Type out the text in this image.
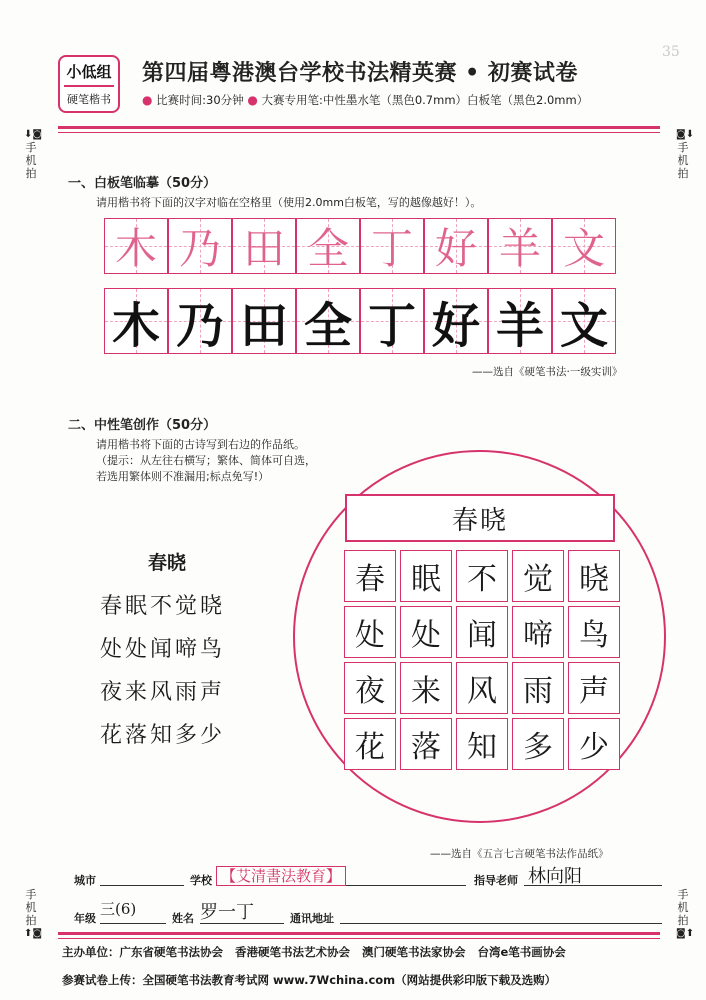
小低组
硬笔楷书
第四届粤港澳台学校书法精英赛 • 初赛试卷
● 比赛时间:30分钟 ● 大赛专用笔:中性墨水笔（黑色0.7mm）白板笔（黑色2.0mm）
35
⬇◙
手机拍
◙⬇
手机拍
手机拍
⬆◙
手机拍
◙⬆
一、白板笔临摹（50分）
请用楷书将下面的汉字对临在空格里（使用2.0mm白板笔，写的越像越好！）。
木 乃 田 全 丁 好 羊 文
木 乃 田 全 丁 好 羊 文
——选自《硬笔书法·一级实训》
二、中性笔创作（50分）
请用楷书将下面的古诗写到右边的作品纸。
（提示：从左往右横写；繁体、简体可自选，
若选用繁体则不准漏用;标点免写!）
春晓
春眠不觉晓
处处闻啼鸟
夜来风雨声
花落知多少
春晓
春 眠 不 觉 晓
处 处 闻 啼 鸟
夜 来 风 雨 声
花 落 知 多 少
——选自《五言七言硬笔书法作品纸》
城市	学校 【艾清書法教育】	指导老师 林向阳
年级
三(6)
姓名 罗一丁	通讯地址
主办单位：广东省硬笔书法协会 香港硬笔书法艺术协会 澳门硬笔书法家协会 台湾e笔书画协会
参赛试卷上传：全国硬笔书法教育考试网 www.7Wchina.com（网站提供彩印版下载及选购）
